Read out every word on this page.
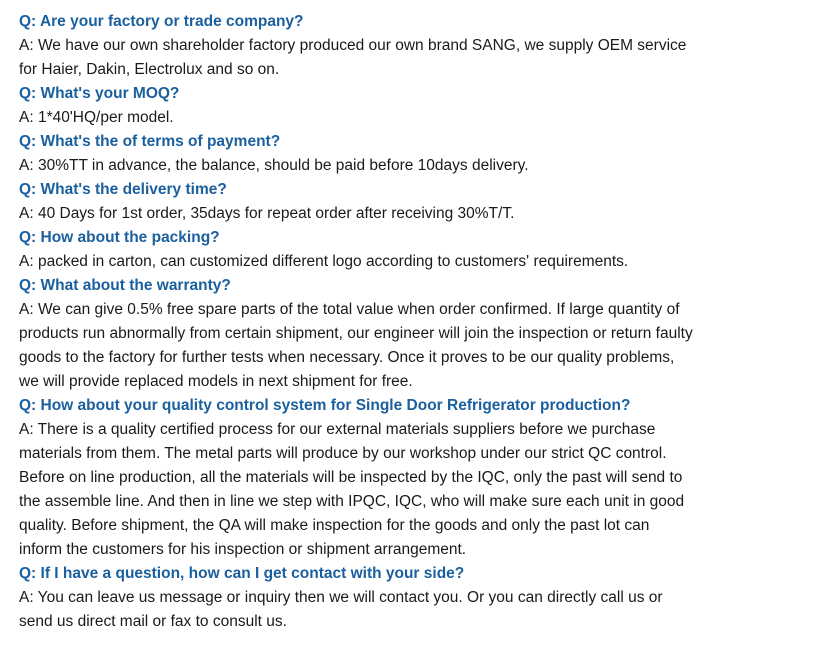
Q: Are your factory or trade company?
A: We have our own shareholder factory produced our own brand SANG, we supply OEM service
for Haier, Dakin, Electrolux and so on.
Q: What's your MOQ?
A: 1*40'HQ/per model.
Q: What's the of terms of payment?
A: 30%TT in advance, the balance, should be paid before 10days delivery.
Q: What's the delivery time?
A: 40 Days for 1st order, 35days for repeat order after receiving 30%T/T.
Q: How about the packing?
A: packed in carton, can customized different logo according to customers' requirements.
Q: What about the warranty?
A: We can give 0.5% free spare parts of the total value when order confirmed. If large quantity of
products run abnormally from certain shipment, our engineer will join the inspection or return faulty
goods to the factory for further tests when necessary. Once it proves to be our quality problems,
we will provide replaced models in next shipment for free.
Q: How about your quality control system for Single Door Refrigerator production?
A: There is a quality certified process for our external materials suppliers before we purchase
materials from them. The metal parts will produce by our workshop under our strict QC control.
Before on line production, all the materials will be inspected by the IQC, only the past will send to
the assemble line. And then in line we step with IPQC, IQC, who will make sure each unit in good
quality. Before shipment, the QA will make inspection for the goods and only the past lot can
inform the customers for his inspection or shipment arrangement.
Q: If I have a question, how can I get contact with your side?
A: You can leave us message or inquiry then we will contact you. Or you can directly call us or
send us direct mail or fax to consult us.
